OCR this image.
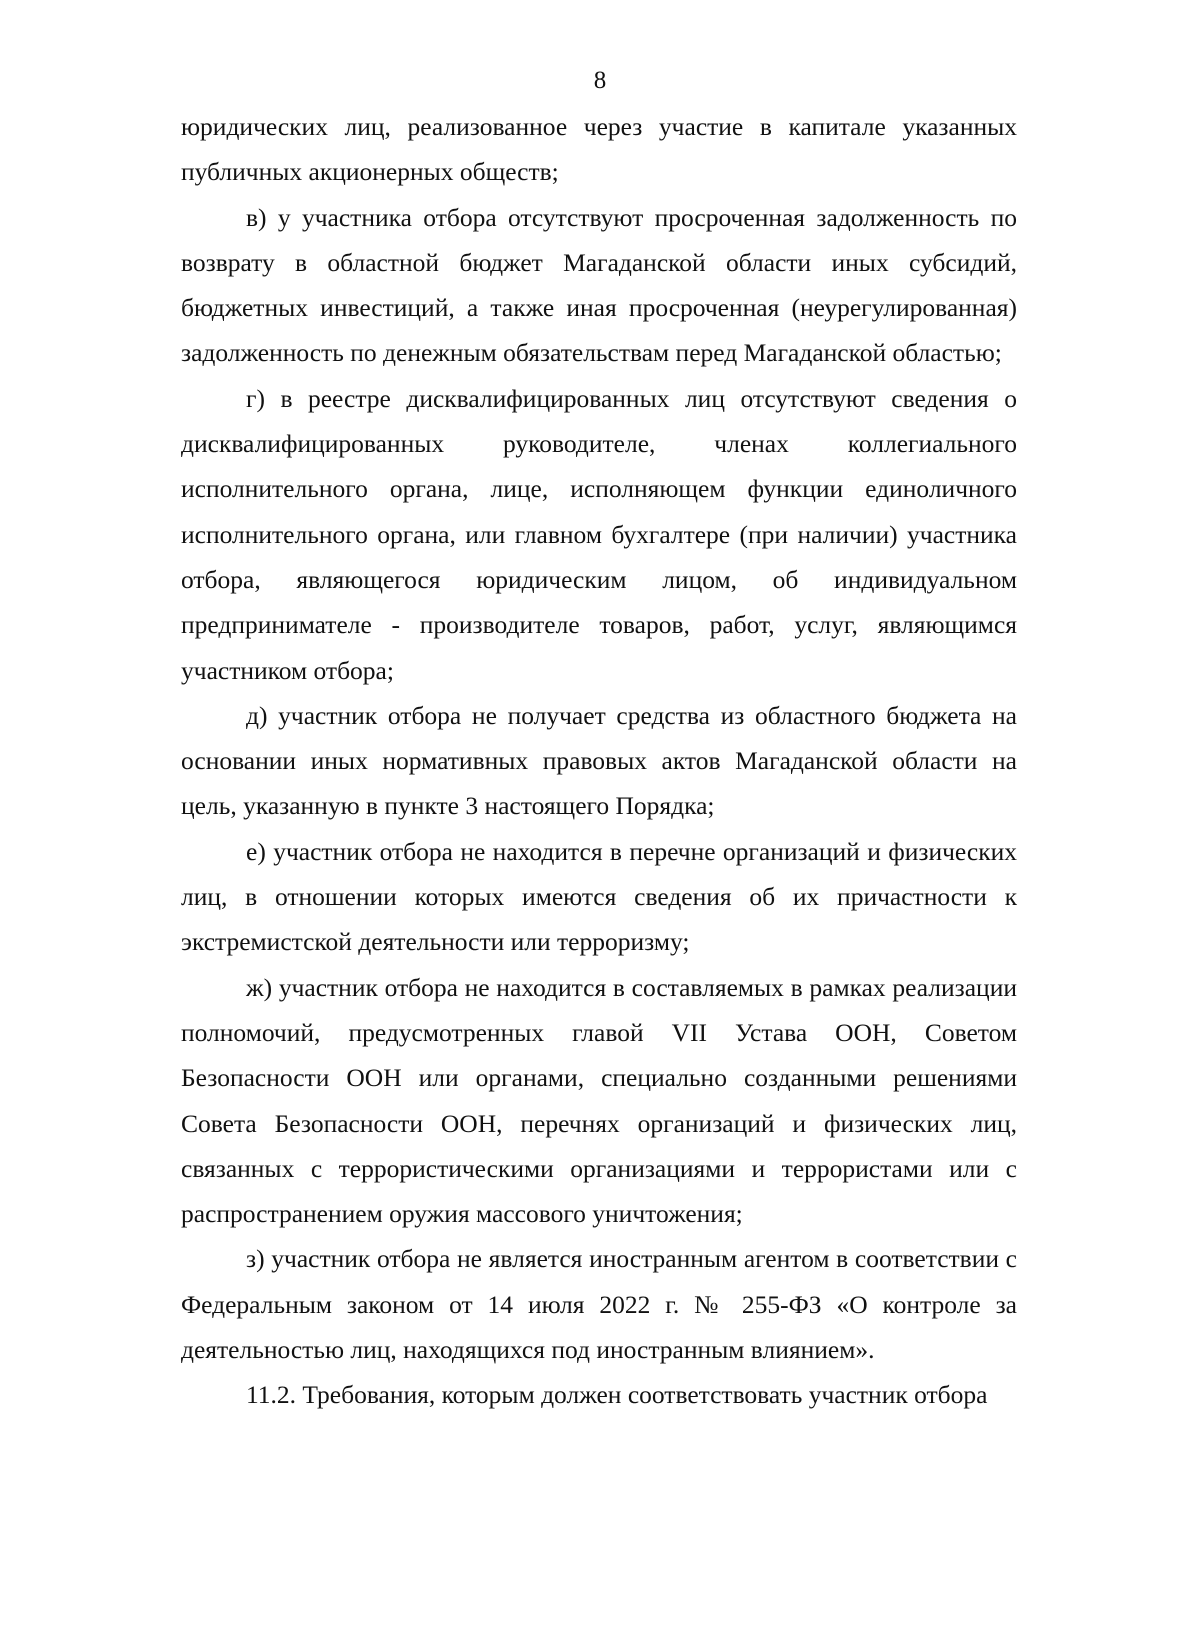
8

юридических лиц, реализованное через участие в капитале указанных публичных акционерных обществ;

в) у участника отбора отсутствуют просроченная задолженность по возврату в областной бюджет Магаданской области иных субсидий, бюджетных инвестиций, а также иная просроченная (неурегулированная) задолженность по денежным обязательствам перед Магаданской областью;

г) в реестре дисквалифицированных лиц отсутствуют сведения о дисквалифицированных руководителе, членах коллегиального исполнительного органа, лице, исполняющем функции единоличного исполнительного органа, или главном бухгалтере (при наличии) участника отбора, являющегося юридическим лицом, об индивидуальном предпринимателе - производителе товаров, работ, услуг, являющимся участником отбора;

д) участник отбора не получает средства из областного бюджета на основании иных нормативных правовых актов Магаданской области на цель, указанную в пункте 3 настоящего Порядка;

е) участник отбора не находится в перечне организаций и физических лиц, в отношении которых имеются сведения об их причастности к экстремистской деятельности или терроризму;

ж) участник отбора не находится в составляемых в рамках реализации полномочий, предусмотренных главой VII Устава ООН, Советом Безопасности ООН или органами, специально созданными решениями Совета Безопасности ООН, перечнях организаций и физических лиц, связанных с террористическими организациями и террористами или с распространением оружия массового уничтожения;

з) участник отбора не является иностранным агентом в соответствии с Федеральным законом от 14 июля 2022 г. № 255-ФЗ «О контроле за деятельностью лиц, находящихся под иностранным влиянием».

11.2. Требования, которым должен соответствовать участник отбора
